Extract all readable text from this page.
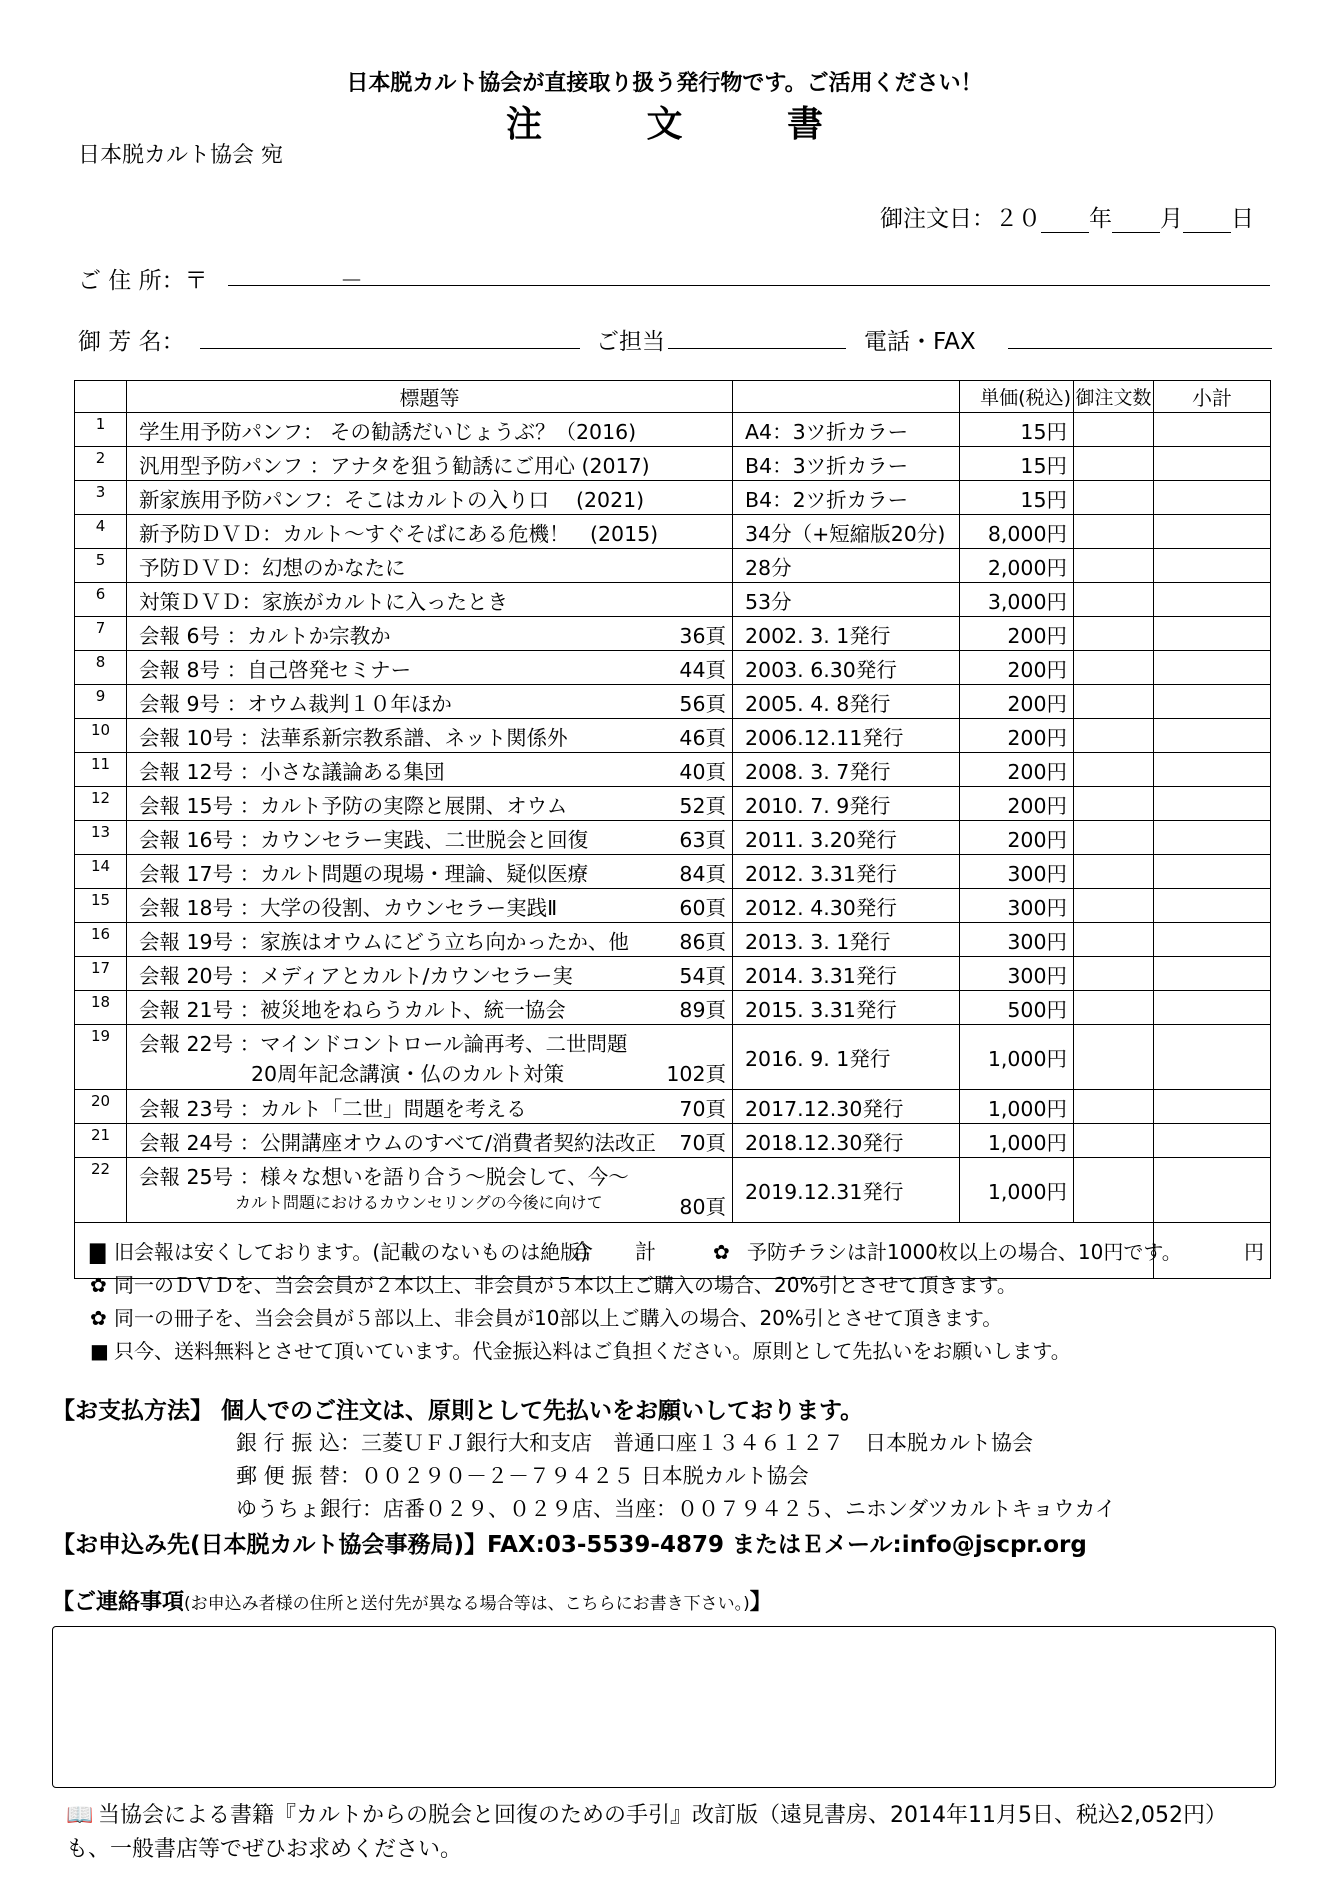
日本脱カルト協会が直接取り扱う発行物です。ご活用ください！
注 文 書
日本脱カルト協会 宛
御注文日：２０ 年 月 日
ご 住 所：〒	－
御 芳 名：	ご担当	電話・FAX
	標題等		単価(税込)	御注文数	小計
1	学生用予防パンフ： その勧誘だいじょうぶ？（2016)	A4：3ツ折カラー	15円		
2	汎用型予防パンフ ：アナタを狙う勧誘にご用心 (2017)	B4：3ツ折カラー	15円		
3	新家族用予防パンフ：そこはカルトの入り口　 (2021)	B4：2ツ折カラー	15円		
4	新予防ＤＶＤ：カルト～すぐそばにある危機！　(2015)	34分（+短縮版20分)	8,000円		
5	予防ＤＶＤ：幻想のかなたに	28分	2,000円		
6	対策ＤＶＤ：家族がカルトに入ったとき	53分	3,000円		
7	会報 6号 ：カルトか宗教か 36頁	2002. 3. 1発行	200円		
8	会報 8号 ：自己啓発セミナー 44頁	2003. 6.30発行	200円		
9	会報 9号 ：オウム裁判１０年ほか 56頁	2005. 4. 8発行	200円		
10	会報 10号 ：法華系新宗教系譜、ネット関係外 46頁	2006.12.11発行	200円		
11	会報 12号 ：小さな議論ある集団 40頁	2008. 3. 7発行	200円		
12	会報 15号 ：カルト予防の実際と展開、オウム 52頁	2010. 7. 9発行	200円		
13	会報 16号 ：カウンセラー実践、二世脱会と回復 63頁	2011. 3.20発行	200円		
14	会報 17号 ：カルト問題の現場・理論、疑似医療 84頁	2012. 3.31発行	300円		
15	会報 18号 ：大学の役割、カウンセラー実践Ⅱ 60頁	2012. 4.30発行	300円		
16	会報 19号 ：家族はオウムにどう立ち向かったか、他 86頁	2013. 3. 1発行	300円		
17	会報 20号 ：メディアとカルト/カウンセラー実 54頁	2014. 3.31発行	300円		
18	会報 21号 ：被災地をねらうカルト、統一協会 89頁	2015. 3.31発行	500円		
19	会報 22号 ：マインドコントロール論再考、二世問題
20周年記念講演・仏のカルト対策 102頁	2016. 9. 1発行	1,000円		
20	会報 23号 ：カルト「二世」問題を考える 70頁	2017.12.30発行	1,000円		
21	会報 24号 ：公開講座オウムのすべて/消費者契約法改正 70頁	2018.12.30発行	1,000円		
22	会報 25号 ：様々な想いを語り合う～脱会して、今～
カルト問題におけるカウンセリングの今後に向けて 80頁	2019.12.31発行	1,000円		
合　　計					円
▇ 旧会報は安くしております。(記載のないものは絶版)	✿ 予防チラシは計1000枚以上の場合、10円です。
✿ 同一のＤＶＤを、当会会員が２本以上、非会員が５本以上ご購入の場合、20%引とさせて頂きます。
✿ 同一の冊子を、当会会員が５部以上、非会員が10部以上ご購入の場合、20%引とさせて頂きます。
■ 只今、送料無料とさせて頂いています。代金振込料はご負担ください。原則として先払いをお願いします。
【お支払方法】 個人でのご注文は、原則として先払いをお願いしております。
銀 行 振 込：三菱ＵＦＪ銀行大和支店　普通口座１３４６１２７　日本脱カルト協会
郵 便 振 替：００２９０－２－７９４２５ 日本脱カルト協会
ゆうちょ銀行：店番０２９、０２９店、当座：００７９４２５、ニホンダツカルトキョウカイ
【お申込み先(日本脱カルト協会事務局)】FAX:03-5539-4879 またはＥメール:info@jscpr.org
【ご連絡事項(お申込み者様の住所と送付先が異なる場合等は、こちらにお書き下さい。)】
📖 当協会による書籍『カルトからの脱会と回復のための手引』改訂版（遠見書房、2014年11月5日、税込2,052円）も、一般書店等でぜひお求めください。
